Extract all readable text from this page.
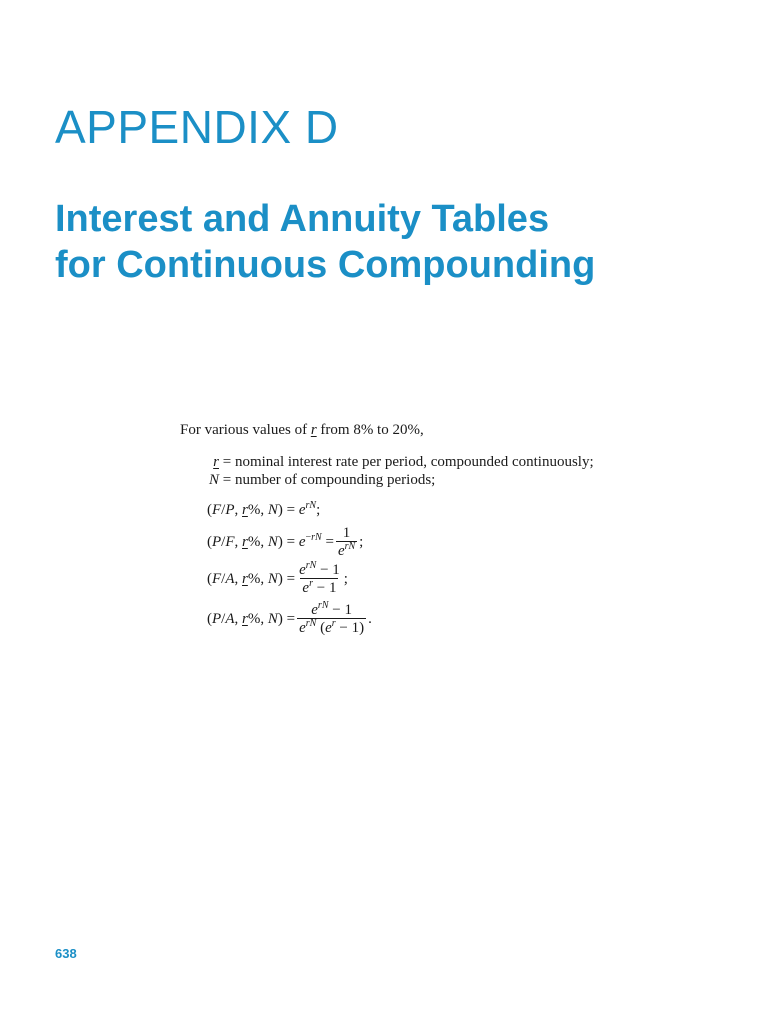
APPENDIX D
Interest and Annuity Tables
for Continuous Compounding
For various values of r from 8% to 20%,
r = nominal interest rate per period, compounded continuously;
N = number of compounding periods;
(F/P, r%, $N) = e^{rN}$;
(P/F, r%, $N) = e^{-rN} = \frac{1}{e^{rN}}$ ;
(F/A, r%, $N) = \frac{e^{rN} - 1}{e^r - 1}$ ;
(P/A, r%, $N) = \frac{e^{rN} - 1}{e^{rN} (e^r - 1)}$ .
638
